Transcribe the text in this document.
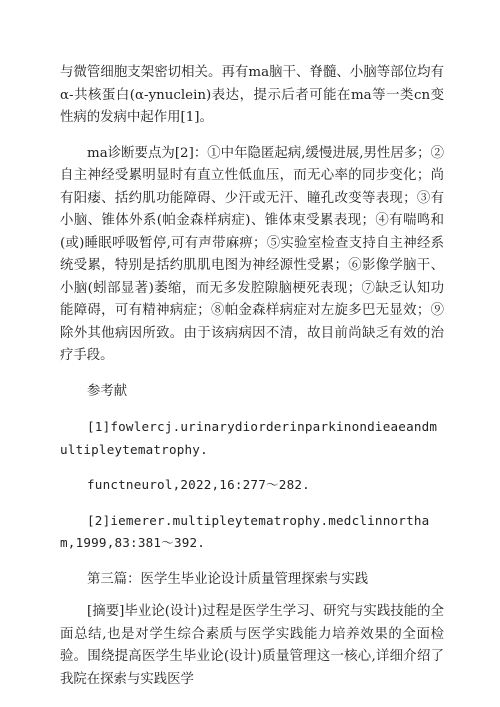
与微管细胞支架密切相关。再有ma脑干、脊髓、小脑等部位均有α-共核蛋白(α-ynuclein)表达，提示后者可能在ma等一类cn变性病的发病中起作用[1]。

ma诊断要点为[2]：①中年隐匿起病,缓慢进展,男性居多；②自主神经受累明显时有直立性低血压，而无心率的同步变化；尚有阳痿、括约肌功能障碍、少汗或无汗、瞳孔改变等表现；③有小脑、锥体外系(帕金森样病症)、锥体束受累表现；④有喘鸣和(或)睡眠呼吸暂停,可有声带麻痹；⑤实验室检查支持自主神经系统受累，特别是括约肌肌电图为神经源性受累；⑥影像学脑干、小脑(蚓部显著)萎缩，而无多发腔隙脑梗死表现；⑦缺乏认知功能障碍，可有精神病症；⑧帕金森样病症对左旋多巴无显效；⑨除外其他病因所致。由于该病病因不清，故目前尚缺乏有效的治疗手段。

参考献

[1]fowlercj.urinarydiorderinparkinondieaeandmultipleytematrophy.

functneurol,2022,16:277～282.

[2]iemerer.multipleytematrophy.medclinnortham,1999,83:381～392.

第三篇：医学生毕业论设计质量管理探索与实践

[摘要]毕业论(设计)过程是医学生学习、研究与实践技能的全面总结,也是对学生综合素质与医学实践能力培养效果的全面检验。围绕提高医学生毕业论(设计)质量管理这一核心,详细介绍了我院在探索与实践医学
